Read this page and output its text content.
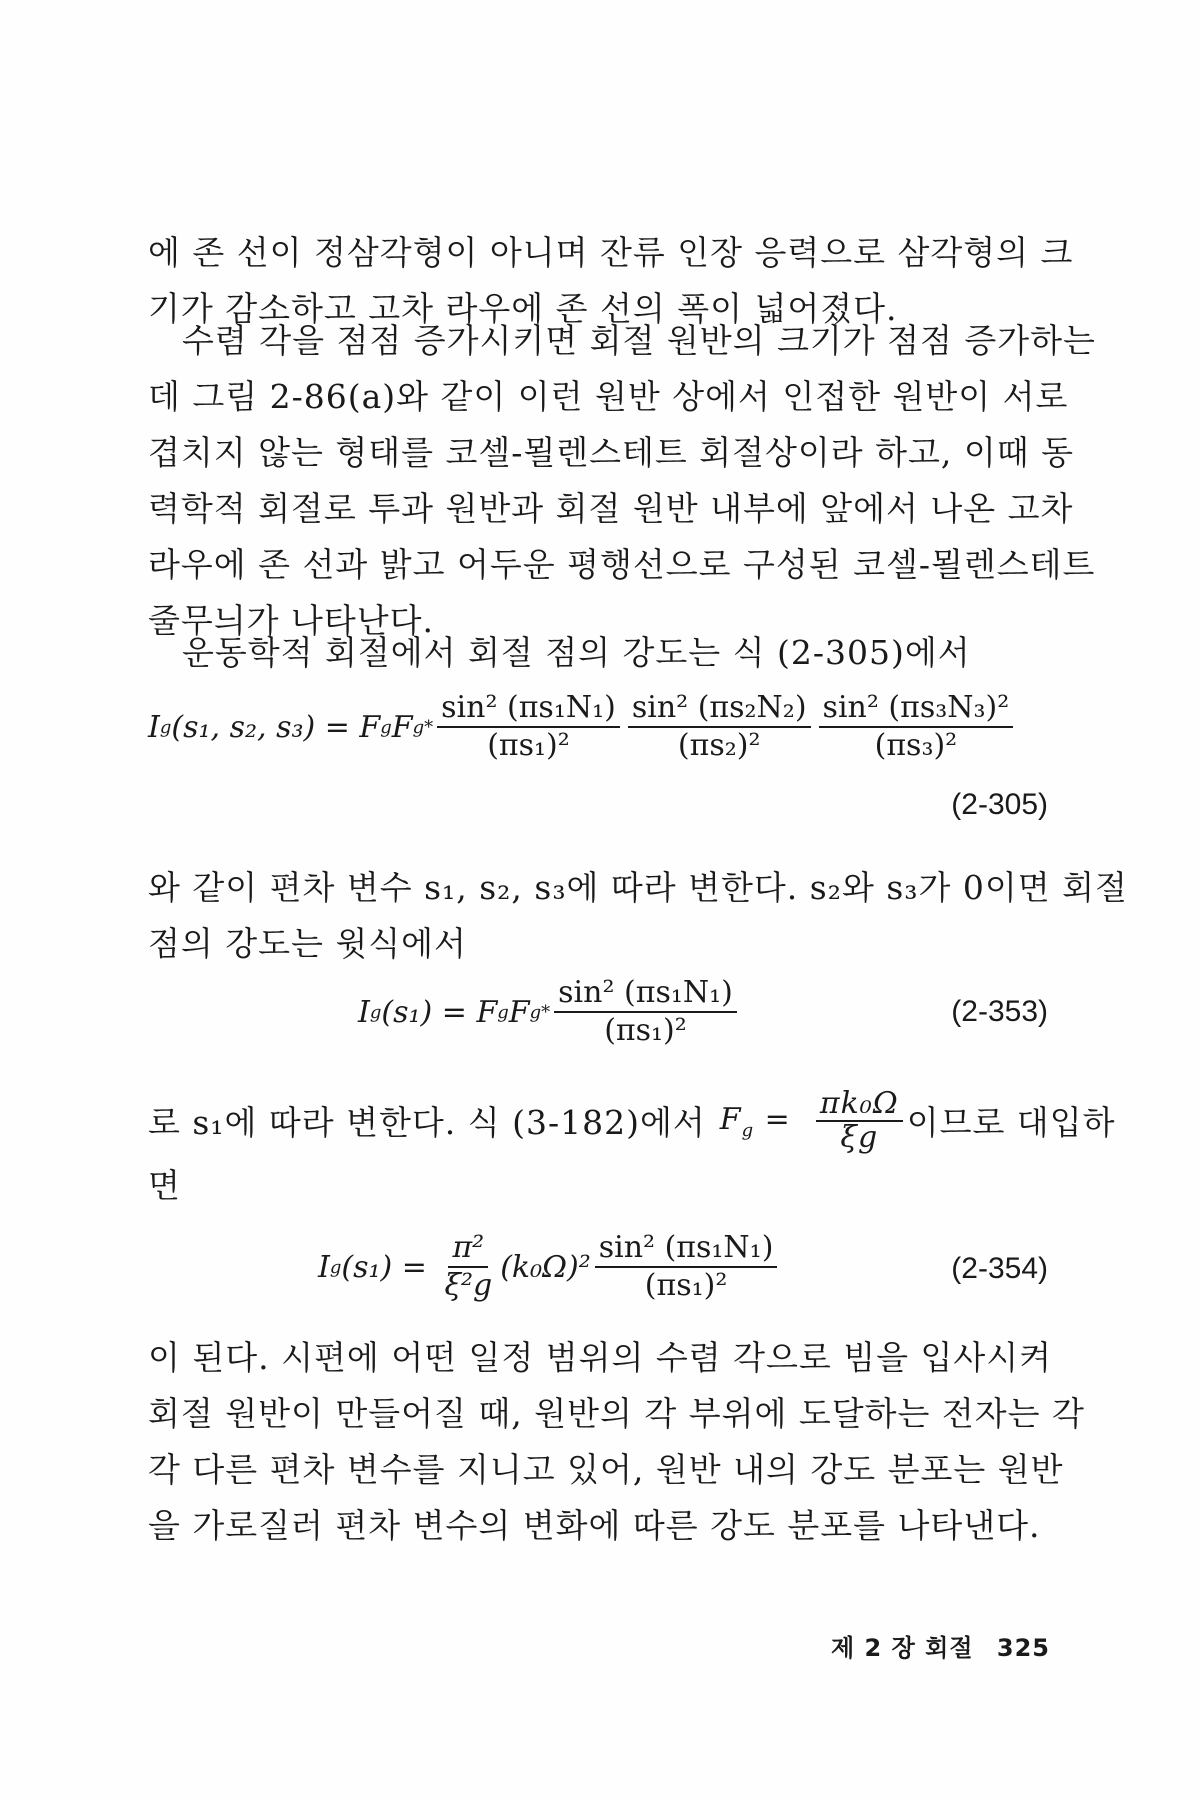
에 존 선이 정삼각형이 아니며 잔류 인장 응력으로 삼각형의 크
기가 감소하고 고차 라우에 존 선의 폭이 넓어졌다.
수렴 각을 점점 증가시키면 회절 원반의 크기가 점점 증가하는
데 그림 2-86(a)와 같이 이런 원반 상에서 인접한 원반이 서로
겹치지 않는 형태를 코셀-묄렌스테트 회절상이라 하고, 이때 동
력학적 회절로 투과 원반과 회절 원반 내부에 앞에서 나온 고차
라우에 존 선과 밝고 어두운 평행선으로 구성된 코셀-묄렌스테트
줄무늬가 나타난다.
운동학적 회절에서 회절 점의 강도는 식 (2-305)에서
I g (s₁, s₂, s₃) = F g F g * $\frac{\text{sin² (πs₁N₁)}}{\text{(πs₁)²}} \frac{\text{sin² (πs₂N₂)}}{\text{(πs₂)²}} \frac{\text{sin² (πs₃N₃)²}}{\text{(πs₃)²}}$
(2-305)
와 같이 편차 변수 s₁, s₂, s₃에 따라 변한다. s₂와 s₃가 0이면 회절
점의 강도는 윗식에서
I g (s₁) = F g F g * $\frac{\text{sin² (πs₁N₁)}}{\text{(πs₁)²}}$	(2-353)
로 s₁에 따라 변한다. 식 (3-182)에서 $F_g = \frac{\text{πk₀Ω}}{\xi g}$ 이므로 대입하
면
I g $(s_1) = \frac{\text{π²}}{\text{ξ²g}} (k_0\Omega)^2 \frac{\text{sin² (πs₁N₁)}}{\text{(πs₁)²}}$	(2-354)
이 된다. 시편에 어떤 일정 범위의 수렴 각으로 빔을 입사시켜
회절 원반이 만들어질 때, 원반의 각 부위에 도달하는 전자는 각
각 다른 편차 변수를 지니고 있어, 원반 내의 강도 분포는 원반
을 가로질러 편차 변수의 변화에 따른 강도 분포를 나타낸다.
제 2 장 회절 325
